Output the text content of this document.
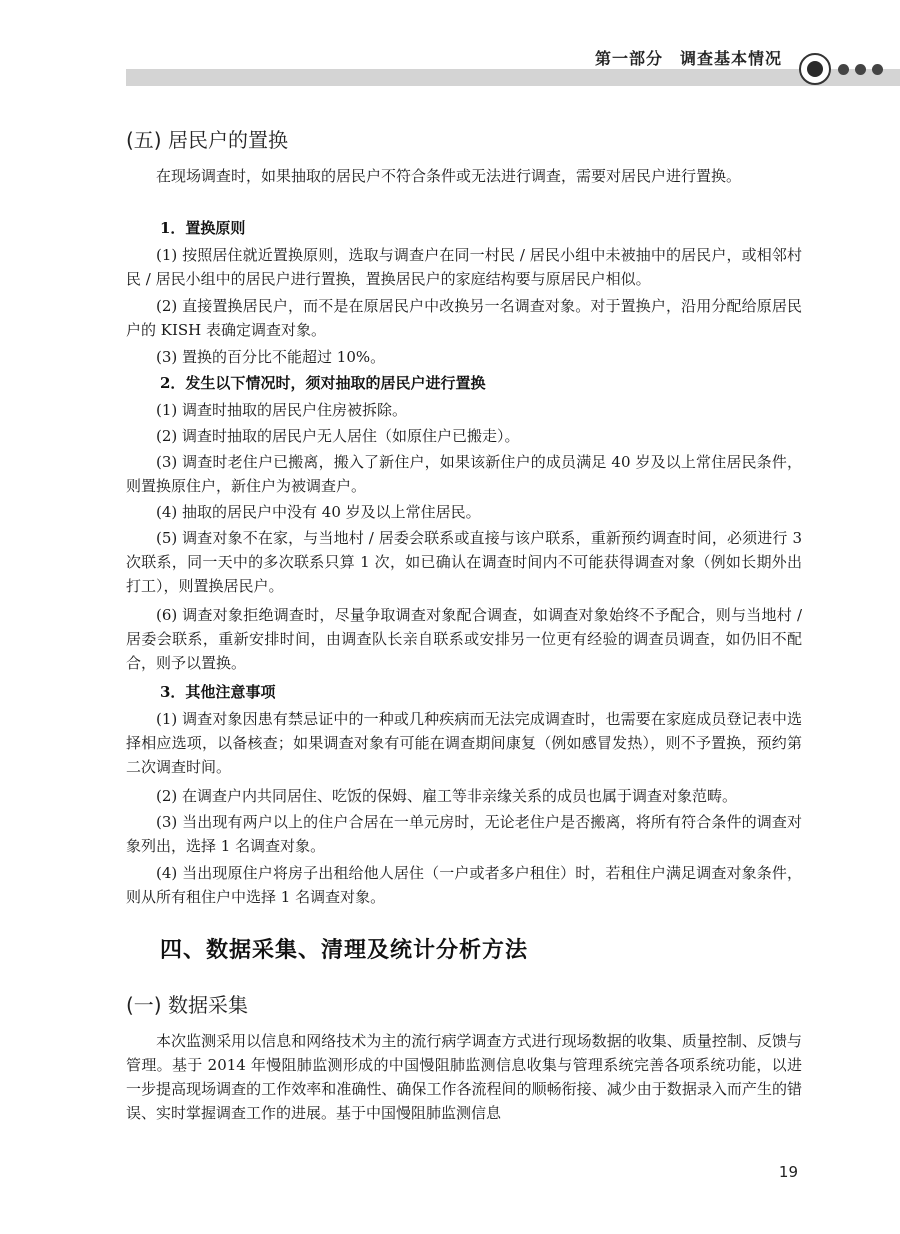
第一部分　调查基本情况
(五) 居民户的置换

在现场调查时，如果抽取的居民户不符合条件或无法进行调查，需要对居民户进行置换。

1．置换原则

(1) 按照居住就近置换原则，选取与调查户在同一村民 / 居民小组中未被抽中的居民户，或相邻村民 / 居民小组中的居民户进行置换，置换居民户的家庭结构要与原居民户相似。

(2) 直接置换居民户，而不是在原居民户中改换另一名调查对象。对于置换户，沿用分配给原居民户的 KISH 表确定调查对象。

(3) 置换的百分比不能超过 10%。

2．发生以下情况时，须对抽取的居民户进行置换

(1) 调查时抽取的居民户住房被拆除。

(2) 调查时抽取的居民户无人居住（如原住户已搬走）。

(3) 调查时老住户已搬离，搬入了新住户，如果该新住户的成员满足 40 岁及以上常住居民条件，则置换原住户，新住户为被调查户。

(4) 抽取的居民户中没有 40 岁及以上常住居民。

(5) 调查对象不在家，与当地村 / 居委会联系或直接与该户联系，重新预约调查时间，必须进行 3 次联系，同一天中的多次联系只算 1 次，如已确认在调查时间内不可能获得调查对象（例如长期外出打工），则置换居民户。

(6) 调查对象拒绝调查时，尽量争取调查对象配合调查，如调查对象始终不予配合，则与当地村 / 居委会联系，重新安排时间，由调查队长亲自联系或安排另一位更有经验的调查员调查，如仍旧不配合，则予以置换。

3．其他注意事项

(1) 调查对象因患有禁忌证中的一种或几种疾病而无法完成调查时，也需要在家庭成员登记表中选择相应选项，以备核查；如果调查对象有可能在调查期间康复（例如感冒发热），则不予置换，预约第二次调查时间。

(2) 在调查户内共同居住、吃饭的保姆、雇工等非亲缘关系的成员也属于调查对象范畴。

(3) 当出现有两户以上的住户合居在一单元房时，无论老住户是否搬离，将所有符合条件的调查对象列出，选择 1 名调查对象。

(4) 当出现原住户将房子出租给他人居住（一户或者多户租住）时，若租住户满足调查对象条件，则从所有租住户中选择 1 名调查对象。

四、数据采集、清理及统计分析方法
(一) 数据采集

本次监测采用以信息和网络技术为主的流行病学调查方式进行现场数据的收集、质量控制、反馈与管理。基于 2014 年慢阻肺监测形成的中国慢阻肺监测信息收集与管理系统完善各项系统功能，以进一步提高现场调查的工作效率和准确性、确保工作各流程间的顺畅衔接、减少由于数据录入而产生的错误、实时掌握调查工作的进展。基于中国慢阻肺监测信息

19
